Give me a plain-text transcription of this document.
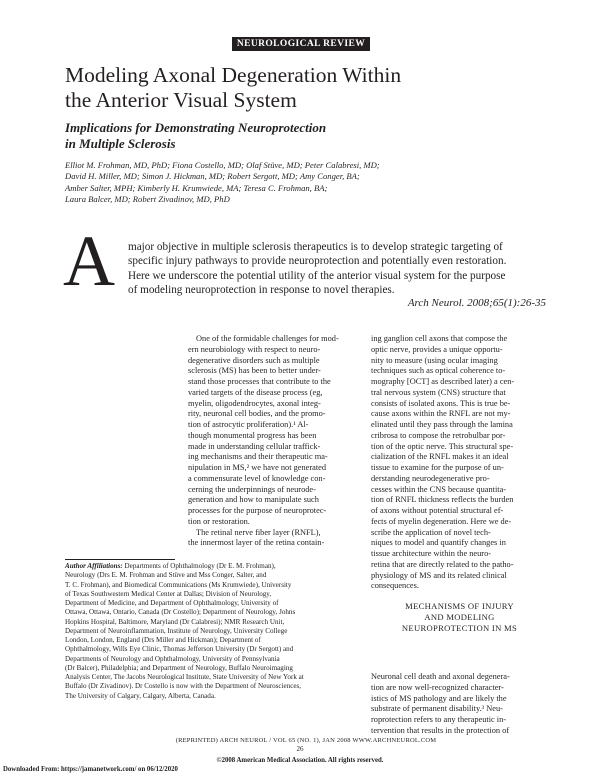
NEUROLOGICAL REVIEW
Modeling Axonal Degeneration Within
the Anterior Visual System
Implications for Demonstrating Neuroprotection
in Multiple Sclerosis
Elliot M. Frohman, MD, PhD; Fiona Costello, MD; Olaf Stüve, MD; Peter Calabresi, MD;
David H. Miller, MD; Simon J. Hickman, MD; Robert Sergott, MD; Amy Conger, BA;
Amber Salter, MPH; Kimberly H. Krumwiede, MA; Teresa C. Frohman, BA;
Laura Balcer, MD; Robert Zivadinov, MD, PhD
A major objective in multiple sclerosis therapeutics is to develop strategic targeting of
specific injury pathways to provide neuroprotection and potentially even restoration.
Here we underscore the potential utility of the anterior visual system for the purpose
of modeling neuroprotection in response to novel therapies.
Arch Neurol. 2008;65(1):26-35
One of the formidable challenges for mod-
ern neurobiology with respect to neuro-
degenerative disorders such as multiple
sclerosis (MS) has been to better under-
stand those processes that contribute to the
varied targets of the disease process (eg,
myelin, oligodendrocytes, axonal integ-
rity, neuronal cell bodies, and the promo-
tion of astrocytic proliferation).¹ Al-
though monumental progress has been
made in understanding cellular traffick-
ing mechanisms and their therapeutic ma-
nipulation in MS,² we have not generated
a commensurate level of knowledge con-
cerning the underpinnings of neurode-
generation and how to manipulate such
processes for the purpose of neuroprotec-
tion or restoration.
The retinal nerve fiber layer (RNFL),
the innermost layer of the retina contain-
ing ganglion cell axons that compose the
optic nerve, provides a unique opportu-
nity to measure (using ocular imaging
techniques such as optical coherence to-
mography [OCT] as described later) a cen-
tral nervous system (CNS) structure that
consists of isolated axons. This is true be-
cause axons within the RNFL are not my-
elinated until they pass through the lamina
cribrosa to compose the retrobulbar por-
tion of the optic nerve. This structural spe-
cialization of the RNFL makes it an ideal
tissue to examine for the purpose of un-
derstanding neurodegenerative pro-
cesses within the CNS because quantita-
tion of RNFL thickness reflects the burden
of axons without potential structural ef-
fects of myelin degeneration. Here we de-
scribe the application of novel tech-
niques to model and quantify changes in
tissue architecture within the neuro-
retina that are directly related to the patho-
physiology of MS and its related clinical
consequences.
MECHANISMS OF INJURY
AND MODELING
NEUROPROTECTION IN MS
Neuronal cell death and axonal degenera-
tion are now well-recognized character-
istics of MS pathology and are likely the
substrate of permanent disability.³ Neu-
roprotection refers to any therapeutic in-
tervention that results in the protection of
Author Affiliations: Departments of Ophthalmology (Dr E. M. Frohman),
Neurology (Drs E. M. Frohman and Stüve and Mss Conger, Salter, and
T. C. Frohman), and Biomedical Communications (Ms Krumwiede), University
of Texas Southwestern Medical Center at Dallas; Division of Neurology,
Department of Medicine, and Department of Ophthalmology, University of
Ottawa, Ottawa, Ontario, Canada (Dr Costello); Department of Neurology, Johns
Hopkins Hospital, Baltimore, Maryland (Dr Calabresi); NMR Research Unit,
Department of Neuroinflammation, Institute of Neurology, University College
London, London, England (Drs Miller and Hickman); Department of
Ophthalmology, Wills Eye Clinic, Thomas Jefferson University (Dr Sergott) and
Departments of Neurology and Ophthalmology, University of Pennsylvania
(Dr Balcer), Philadelphia; and Department of Neurology, Buffalo Neuroimaging
Analysis Center, The Jacobs Neurological Institute, State University of New York at
Buffalo (Dr Zivadinov). Dr Costello is now with the Department of Neurosciences,
The University of Calgary, Calgary, Alberta, Canada.
(REPRINTED) ARCH NEUROL / VOL 65 (NO. 1), JAN 2008 WWW.ARCHNEUROL.COM
26
©2008 American Medical Association. All rights reserved.
Downloaded From: https://jamanetwork.com/ on 06/12/2020
